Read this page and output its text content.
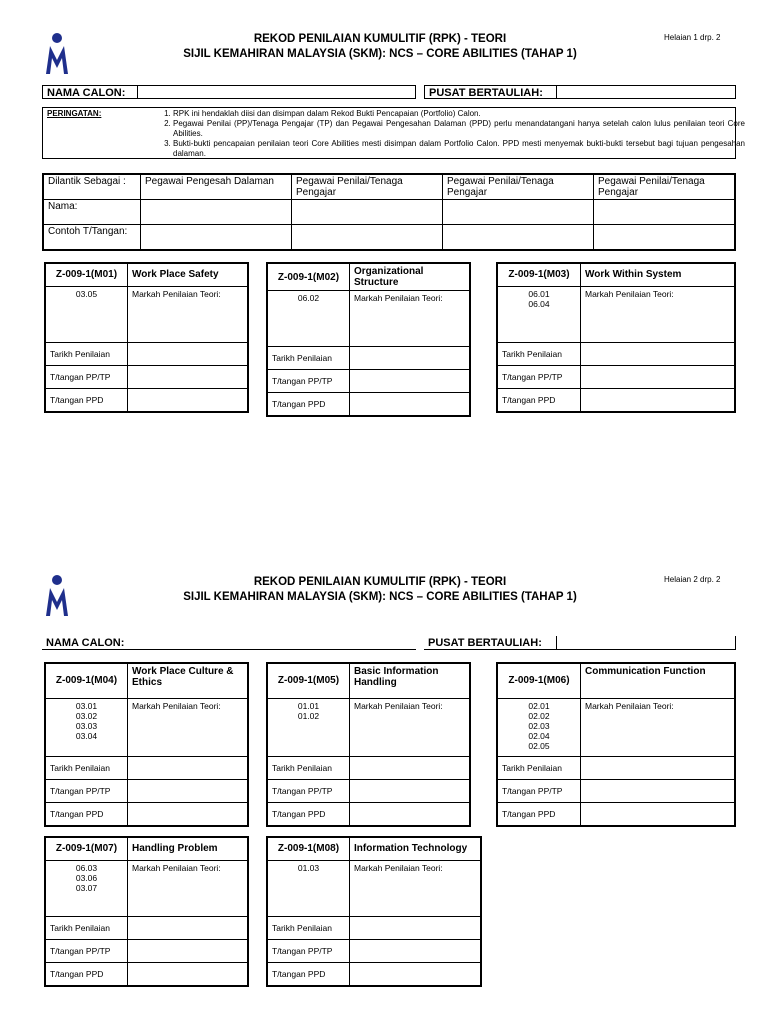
REKOD PENILAIAN KUMULITIF (RPK) - TEORI
SIJIL KEMAHIRAN MALAYSIA (SKM): NCS – CORE ABILITIES (TAHAP 1)
Helaian 1 drp. 2
NAMA CALON:	PUSAT BERTAULIAH:
PERINGATAN:	1. RPK ini hendaklah diisi dan disimpan dalam Rekod Bukti Pencapaian (Portfolio) Calon.
2. Pegawai Penilai (PP)/Tenaga Pengajar (TP) dan Pegawai Pengesahan Dalaman (PPD) perlu menandatangani hanya setelah calon lulus penilaian teori Core Abilities.
3. Bukti-bukti pencapaian penilaian teori Core Abilities mesti disimpan dalam Portfolio Calon. PPD mesti menyemak bukti-bukti tersebut bagi tujuan pengesahan dalaman.
Dilantik Sebagai :	Pegawai Pengesah Dalaman	Pegawai Penilai/Tenaga Pengajar	Pegawai Penilai/Tenaga Pengajar	Pegawai Penilai/Tenaga Pengajar
Nama:				
Contoh T/Tangan:				
Z-009-1(M01)	Work Place Safety
03.05	Markah Penilaian Teori:
Tarikh Penilaian	
T/tangan PP/TP	
T/tangan PPD	
Z-009-1(M02)	Organizational Structure
06.02	Markah Penilaian Teori:
Tarikh Penilaian	
T/tangan PP/TP	
T/tangan PPD	
Z-009-1(M03)	Work Within System
06.01
06.04	Markah Penilaian Teori:
Tarikh Penilaian	
T/tangan PP/TP	
T/tangan PPD	
REKOD PENILAIAN KUMULITIF (RPK) - TEORI
SIJIL KEMAHIRAN MALAYSIA (SKM): NCS – CORE ABILITIES (TAHAP 1)
Helaian 2 drp. 2
NAMA CALON:	PUSAT BERTAULIAH:
Z-009-1(M04)	Work Place Culture & Ethics
03.01
03.02
03.03
03.04	Markah Penilaian Teori:
Tarikh Penilaian	
T/tangan PP/TP	
T/tangan PPD	
Z-009-1(M05)	Basic Information Handling
01.01
01.02	Markah Penilaian Teori:
Tarikh Penilaian	
T/tangan PP/TP	
T/tangan PPD	
Z-009-1(M06)	Communication Function
02.01
02.02
02.03
02.04
02.05	Markah Penilaian Teori:
Tarikh Penilaian	
T/tangan PP/TP	
T/tangan PPD	
Z-009-1(M07)	Handling Problem
06.03
03.06
03.07	Markah Penilaian Teori:
Tarikh Penilaian	
T/tangan PP/TP	
T/tangan PPD	
Z-009-1(M08)	Information Technology
01.03	Markah Penilaian Teori:
Tarikh Penilaian	
T/tangan PP/TP	
T/tangan PPD	
